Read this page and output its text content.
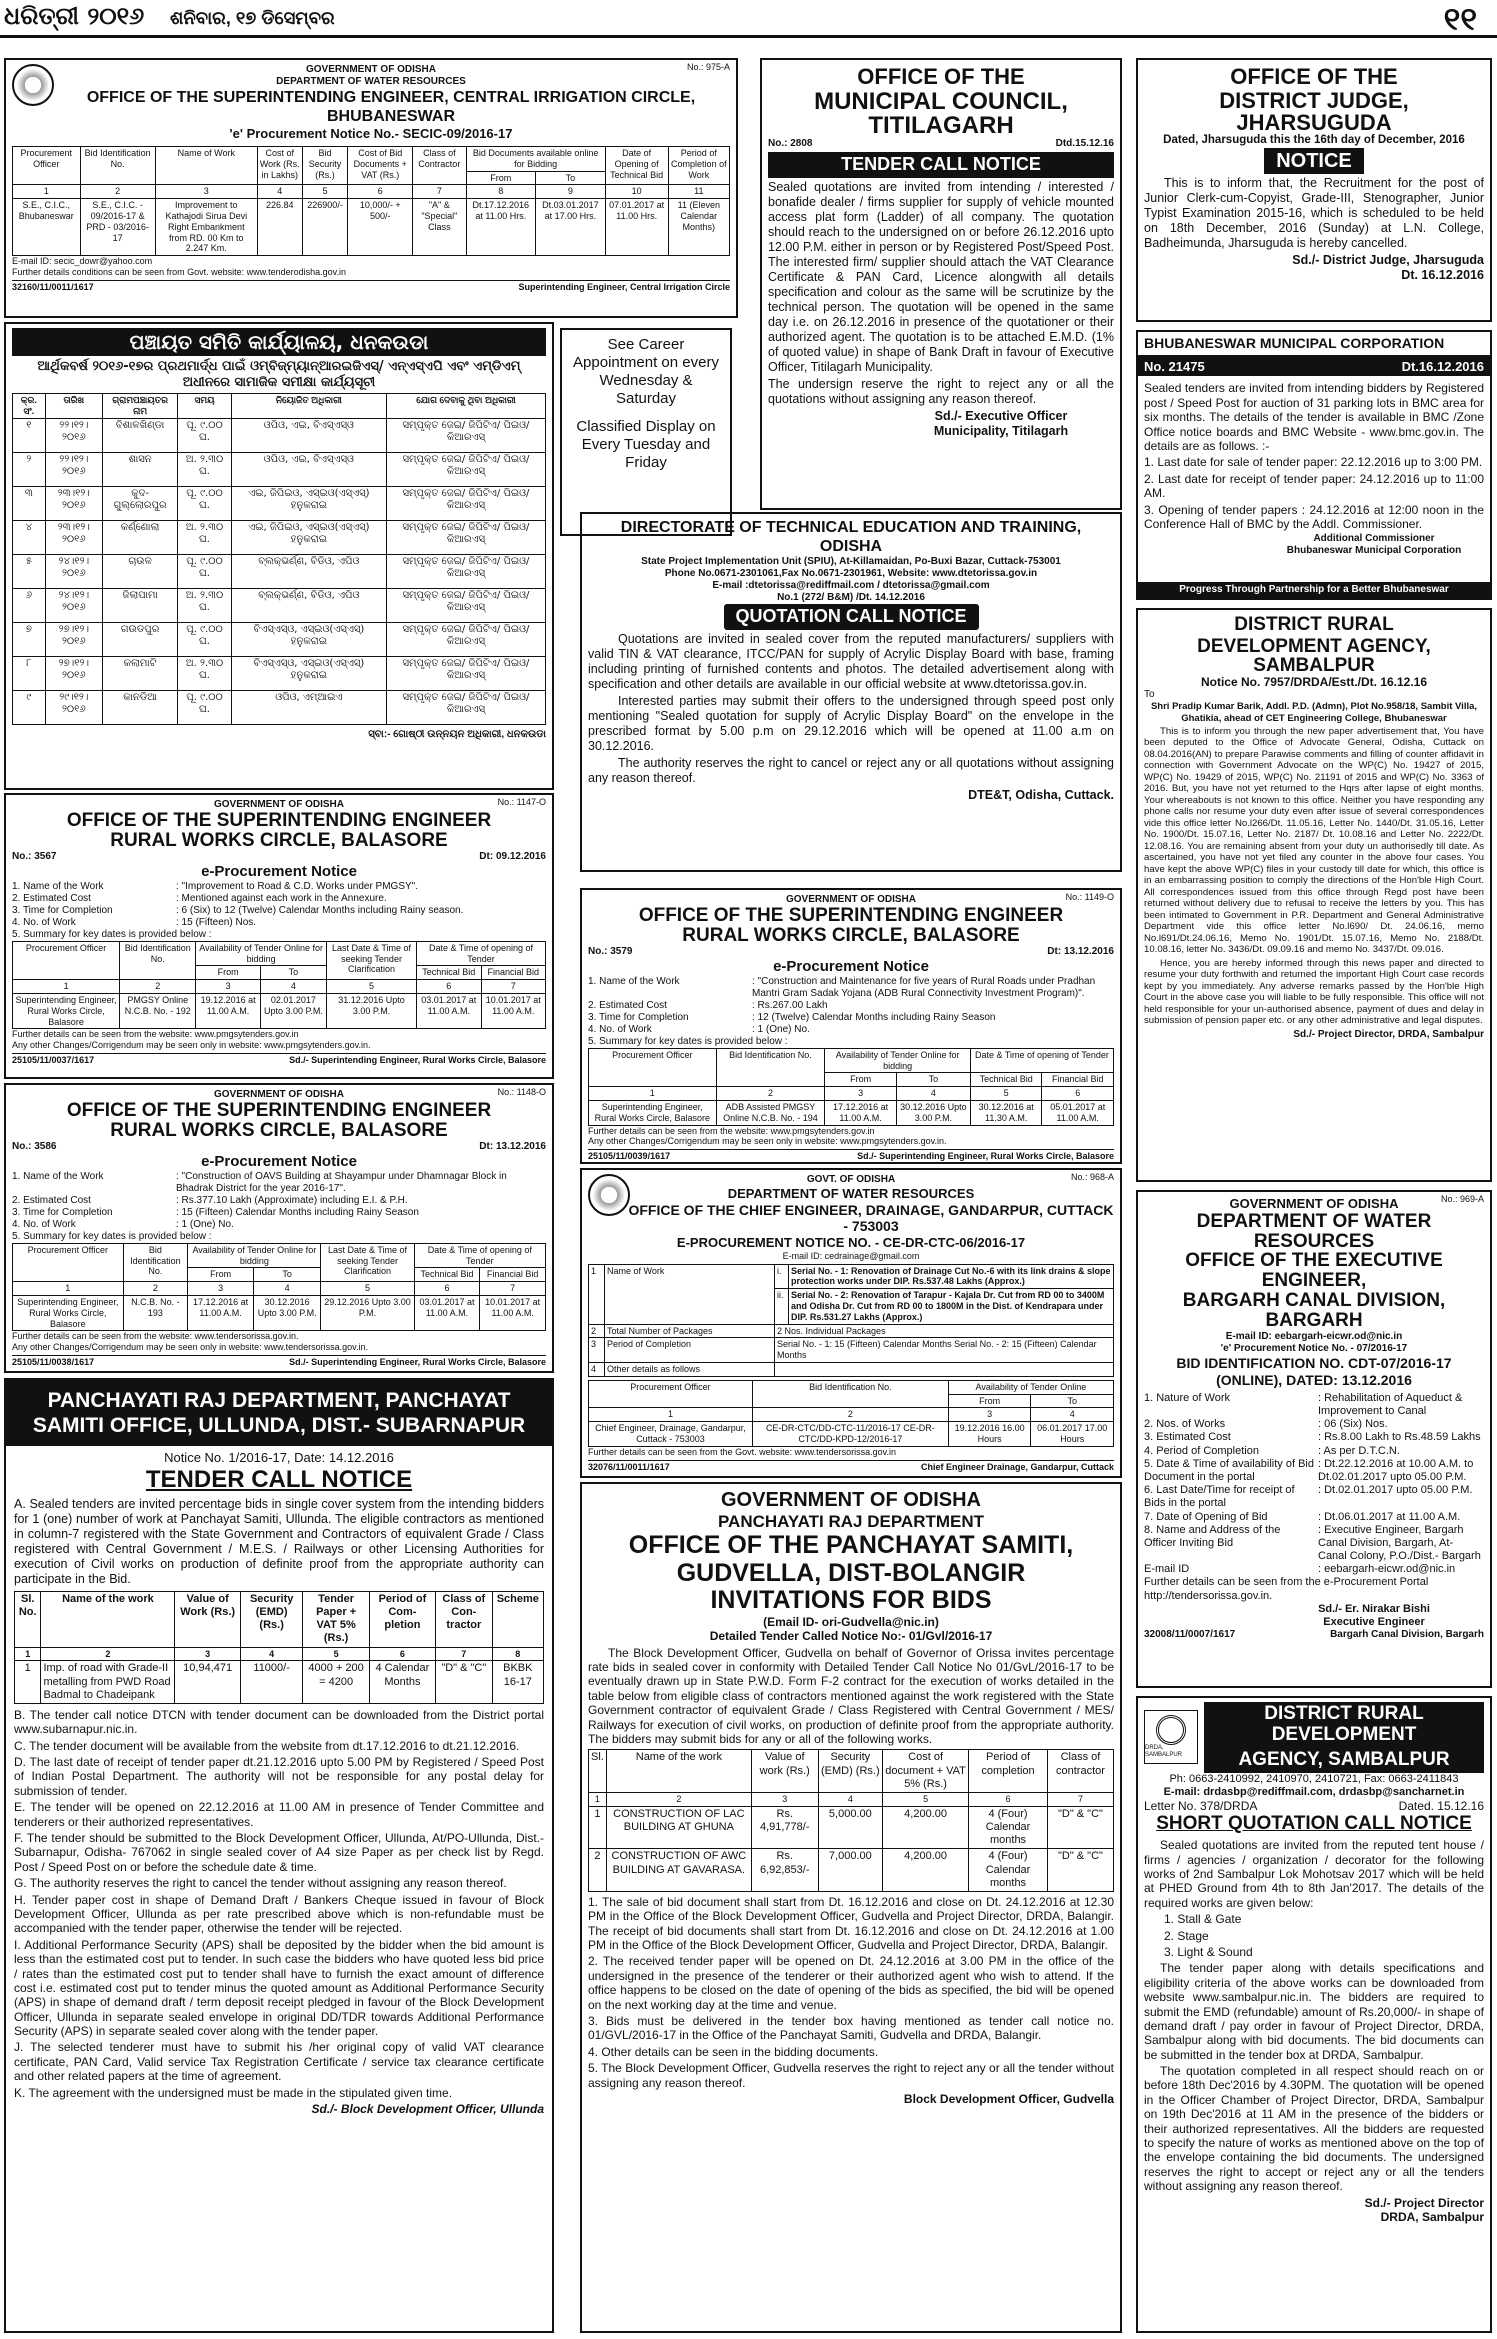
ଧରିତ୍ରୀ ୨୦୧୬ ଶନିବାର, ୧୭ ଡିସେମ୍ବର	୧୧
No.: 975-A
GOVERNMENT OF ODISHA
DEPARTMENT OF WATER RESOURCES
OFFICE OF THE SUPERINTENDING ENGINEER, CENTRAL IRRIGATION CIRCLE, BHUBANESWAR
'e' Procurement Notice No.- SECIC-09/2016-17
Procurement Officer	Bid Identification No.	Name of Work	Cost of Work (Rs. in Lakhs)	Bid Security (Rs.)	Cost of Bid Documents + VAT (Rs.)	Class of Contractor	Bid Documents available online for Bidding		Date of Opening of Technical Bid	Period of Completion of Work
							From	To		
1	2	3	4	5	6	7	8	9	10	11
S.E., C.I.C., Bhubaneswar	S.E., C.I.C. - 09/2016-17 & PRD - 03/2016-17	Improvement to Kathajodi Sirua Devi Right Embankment from RD. 00 Km to 2.247 Km.	226.84	226900/-	10,000/- + 500/-	"A" & "Special" Class	Dt.17.12.2016 at 11.00 Hrs.	Dt.03.01.2017 at 17.00 Hrs.	07.01.2017 at 11.00 Hrs.	11 (Eleven Calendar Months)
E-mail ID: secic_dowr@yahoo.com
Further details conditions can be seen from Govt. website: www.tenderodisha.gov.in
32160/11/0011/1617	Superintending Engineer, Central Irrigation Circle
ପଞ୍ଚାୟତ ସମିତି କାର୍ଯ୍ୟାଳୟ, ଧନକଉଡା
ଆର୍ଥିକବର୍ଷ ୨୦୧୬-୧୭ର ପ୍ରଥମାର୍ଦ୍ଧ ପାଇଁ ଓମ୍ବିଜ୍‌ମ୍ୟାନ୍‌ଆରଇଜିଏସ୍/ ଏନ୍‌ଏସ୍‌ଏପି ଏବଂ ଏମ୍‌ଡିଏମ୍‌ ଅଧୀନରେ ସାମାଜିକ ସମୀକ୍ଷା କାର୍ଯ୍ୟସୂଚୀ
କ୍ର. ସଂ.	ତାରିଖ	ଗ୍ରାମପଞ୍ଚାୟତର ନାମ	ସମୟ	ନିୟୋଜିତ ଅଧିକାରୀ	ଯୋଗ ଦେବାକୁ ଥିବା ଅଧିକାରୀ
୧	୨୨।୧୨।୨୦୧୬	ବିଶାଳଖିଣ୍ଡା	ପୂ. ୯.୦୦ ଘ.	ଓପିଓ, ଏଇ, ବିଏସ୍‌ଏସ୍‌ଓ	ସମ୍ପୃକ୍ତ ଜେଇ/ ଜିପିଟିଏ/ ପିଇଓ/ କିଆରଏସ୍
୨	୨୨।୧୨।୨୦୧୬	ଶାସନ	ଅ. ୨.୩୦ ଘ.	ଓପିଓ, ଏଇ, ବିଏସ୍‌ଏସ୍‌ଓ	ସମ୍ପୃକ୍ତ ଜେଇ/ ଜିପିଟିଏ/ ପିଇଓ/ କିଆରଏସ୍
୩	୨୩।୧୨।୨୦୧୬	କୁଦ-ଗୁଲ୍ଲୋରପୁର	ପୂ. ୯.୦୦ ଘ.	ଏଇ, ଜିପିଇଓ, ଏସ୍‌ଇଓ(ଏସ୍‌ଏସ୍‌) ହନୁକରାଇ	ସମ୍ପୃକ୍ତ ଜେଇ/ ଜିପିଟିଏ/ ପିଇଓ/ କିଆରଏସ୍
୪	୨୩।୧୨।୨୦୧୬	କର୍ଣ୍ଣୋଲା	ଅ. ୨.୩୦ ଘ.	ଏଇ, ଜିପିଇଓ, ଏସ୍‌ଇଓ(ଏସ୍‌ଏସ୍‌) ହନୁକରାଇ	ସମ୍ପୃକ୍ତ ଜେଇ/ ଜିପିଟିଏ/ ପିଇଓ/ କିଆରଏସ୍
୫	୨୪।୧୨।୨୦୧୬	ଚାଉଳ	ପୂ. ୯.୦୦ ଘ.	ବ୍ଲକ୍‌ଭର୍ଣ୍ଣ, ବିଡିଓ, ଏପିଓ	ସମ୍ପୃକ୍ତ ଜେଇ/ ଜିପିଟିଏ/ ପିଇଓ/ କିଆରଏସ୍
୬	୨୪।୧୨।୨୦୧୬	ଜିଲାପାମା	ଅ. ୨.୩୦ ଘ.	ବ୍ଲକ୍‌ଭର୍ଣ୍ଣ, ବିଡିଓ, ଏପିଓ	ସମ୍ପୃକ୍ତ ଜେଇ/ ଜିପିଟିଏ/ ପିଇଓ/ କିଆରଏସ୍
୭	୨୭।୧୨।୨୦୧୬	ଗଉଡପୁର	ପୂ. ୯.୦୦ ଘ.	ବିଏସ୍‌ଏସ୍‌ଓ, ଏସ୍‌ଇଓ(ଏସ୍‌ଏସ୍‌) ହନୁକରାଇ	ସମ୍ପୃକ୍ତ ଜେଇ/ ଜିପିଟିଏ/ ପିଇଓ/ କିଆରଏସ୍
୮	୨୭।୧୨।୨୦୧୬	କଲାମାଟି	ଅ. ୨.୩୦ ଘ.	ବିଏସ୍‌ଏସ୍‌ଓ, ଏସ୍‌ଇଓ(ଏସ୍‌ଏସ୍‌) ହନୁକରାଇ	ସମ୍ପୃକ୍ତ ଜେଇ/ ଜିପିଟିଏ/ ପିଇଓ/ କିଆରଏସ୍
୯	୨୯।୧୨।୨୦୧୬	କାନଡିଆ	ପୂ. ୯.୦୦ ଘ.	ଓପିଓ, ଏମ୍‌ଆଇଏ	ସମ୍ପୃକ୍ତ ଜେଇ/ ଜିପିଟିଏ/ ପିଇଓ/ କିଆରଏସ୍
ସ୍ବା:- ଗୋଷ୍ଠୀ ଉନ୍ନୟନ ଅଧିକାରୀ, ଧନକଉଡା
See Career Appointment on every Wednesday & Saturday
Classified Display on Every Tuesday and Friday
No.: 1147-O
GOVERNMENT OF ODISHA
OFFICE OF THE SUPERINTENDING ENGINEER
RURAL WORKS CIRCLE, BALASORE
No.: 3567	Dt: 09.12.2016
e-Procurement Notice
1. Name of the Work	: "Improvement to Road & C.D. Works under PMGSY".
2. Estimated Cost	: Mentioned against each work in the Annexure.
3. Time for Completion	: 6 (Six) to 12 (Twelve) Calendar Months including Rainy season.
4. No. of Work	: 15 (Fifteen) Nos.
5. Summary for key dates is provided below :
Procurement Officer	Bid Identification No.	Availability of Tender Online for bidding		Last Date & Time of seeking Tender Clarification	Date & Time of opening of Tender	
		From	To		Technical Bid	Financial Bid
1	2	3	4	5	6	7
Superintending Engineer, Rural Works Circle, Balasore	PMGSY Online N.C.B. No. - 192	19.12.2016 at 11.00 A.M.	02.01.2017 Upto 3.00 P.M.	31.12.2016 Upto 3.00 P.M.	03.01.2017 at 11.00 A.M.	10.01.2017 at 11.00 A.M.
Further details can be seen from the website: www.pmgsytenders.gov.in
Any other Changes/Corrigendum may be seen only in website: www.pmgsytenders.gov.in.
25105/11/0037/1617	Sd./- Superintending Engineer, Rural Works Circle, Balasore
No.: 1148-O
GOVERNMENT OF ODISHA
OFFICE OF THE SUPERINTENDING ENGINEER
RURAL WORKS CIRCLE, BALASORE
No.: 3586	Dt: 13.12.2016
e-Procurement Notice
1. Name of the Work	: "Construction of OAVS Building at Shayampur under Dhamnagar Block in Bhadrak District for the year 2016-17".
2. Estimated Cost	: Rs.377.10 Lakh (Approximate) including E.I. & P.H.
3. Time for Completion	: 15 (Fifteen) Calendar Months including Rainy Season
4. No. of Work	: 1 (One) No.
5. Summary for key dates is provided below :
Procurement Officer	Bid Identification No.	Availability of Tender Online for bidding		Last Date & Time of seeking Tender Clarification	Date & Time of opening of Tender	
		From	To		Technical Bid	Financial Bid
1	2	3	4	5	6	7
Superintending Engineer, Rural Works Circle, Balasore	N.C.B. No. - 193	17.12.2016 at 11.00 A.M.	30.12.2016 Upto 3.00 P.M.	29.12.2016 Upto 3.00 P.M.	03.01.2017 at 11.00 A.M.	10.01.2017 at 11.00 A.M.
Further details can be seen from the website: www.tendersorissa.gov.in.
Any other Changes/Corrigendum may be seen only in website: www.tendersorissa.gov.in.
25105/11/0038/1617	Sd./- Superintending Engineer, Rural Works Circle, Balasore
PANCHAYATI RAJ DEPARTMENT, PANCHAYAT
SAMITI OFFICE, ULLUNDA, DIST.- SUBARNAPUR
Notice No. 1/2016-17, Date: 14.12.2016
TENDER CALL NOTICE

A. Sealed tenders are invited percentage bids in single cover system from the intending bidders for 1 (one) number of work at Panchayat Samiti, Ullunda. The eligible contractors as mentioned in column-7 registered with the State Government and Contractors of equivalent Grade / Class registered with Central Government / M.E.S. / Railways or other Licensing Authorities for execution of Civil works on production of definite proof from the appropriate authority can participate in the Bid.

Sl. No.	Name of the work	Value of Work (Rs.)	Security (EMD) (Rs.)	Tender Paper + VAT 5% (Rs.)	Period of Com- pletion	Class of Con- tractor	Scheme
1	2	3	4	5	6	7	8
1	Imp. of road with Grade-II metalling from PWD Road Badmal to Chadeipank	10,94,471	11000/-	4000 + 200 = 4200	4 Calendar Months	"D" & "C"	BKBK 16-17

B. The tender call notice DTCN with tender document can be downloaded from the District portal www.subarnapur.nic.in.

C. The tender document will be available from the website from dt.17.12.2016 to dt.21.12.2016.

D. The last date of receipt of tender paper dt.21.12.2016 upto 5.00 PM by Registered / Speed Post of Indian Postal Department. The authority will not be responsible for any postal delay for submission of tender.

E. The tender will be opened on 22.12.2016 at 11.00 AM in presence of Tender Committee and tenderers or their authorized representatives.

F. The tender should be submitted to the Block Development Officer, Ullunda, At/PO-Ullunda, Dist.- Subarnapur, Odisha- 767062 in single sealed cover of A4 size Paper as per check list by Regd. Post / Speed Post on or before the schedule date & time.

G. The authority reserves the right to cancel the tender without assigning any reason thereof.

H. Tender paper cost in shape of Demand Draft / Bankers Cheque issued in favour of Block Development Officer, Ullunda as per rate prescribed above which is non-refundable must be accompanied with the tender paper, otherwise the tender will be rejected.

I. Additional Performance Security (APS) shall be deposited by the bidder when the bid amount is less than the estimated cost put to tender. In such case the bidders who have quoted less bid price / rates than the estimated cost put to tender shall have to furnish the exact amount of difference cost i.e. estimated cost put to tender minus the quoted amount as Additional Performance Security (APS) in shape of demand draft / term deposit receipt pledged in favour of the Block Development Officer, Ullunda in separate sealed envelope in original DD/TDR towards Additional Performance Security (APS) in separate sealed cover along with the tender paper.

J. The selected tenderer must have to submit his /her original copy of valid VAT clearance certificate, PAN Card, Valid service Tax Registration Certificate / service tax clearance certificate and other related papers at the time of agreement.

K. The agreement with the undersigned must be made in the stipulated given time.

Sd./- Block Development Officer, Ullunda
OFFICE OF THE
MUNICIPAL COUNCIL, TITILAGARH
No.: 2808	Dtd.15.12.16
TENDER CALL NOTICE

Sealed quotations are invited from intending / interested / bonafide dealer / firms supplier for supply of vehicle mounted access plat form (Ladder) of all company. The quotation should reach to the undersigned on or before 26.12.2016 upto 12.00 P.M. either in person or by Registered Post/Speed Post. The interested firm/ supplier should attach the VAT Clearance Certificate & PAN Card, Licence alongwith all details specification and colour as the same will be scrutinize by the technical person. The quotation will be opened in the same day i.e. on 26.12.2016 in presence of the quotationer or their authorized agent. The quotation is to be attached E.M.D. (1% of quoted value) in shape of Bank Draft in favour of Executive Officer, Titilagarh Municipality.

The undersign reserve the right to reject any or all the quotations without assigning any reason thereof.

Sd./- Executive Officer
Municipality, Titilagarh
DIRECTORATE OF TECHNICAL EDUCATION AND TRAINING, ODISHA
State Project Implementation Unit (SPIU), At-Killamaidan, Po-Buxi Bazar, Cuttack-753001
Phone No.0671-2301061,Fax No.0671-2301961, Website: www.dtetorissa.gov.in
E-mail :dtetorissa@rediffmail.com / dtetorissa@gmail.com
No.1 (272/ B&M) /Dt. 14.12.2016
QUOTATION CALL NOTICE

Quotations are invited in sealed cover from the reputed manufacturers/ suppliers with valid TIN & VAT clearance, ITCC/PAN for supply of Acrylic Display Board with base, framing including printing of furnished contents and photos. The detailed advertisement along with specification and other details are available in our official website at www.dtetorissa.gov.in.

Interested parties may submit their offers to the undersigned through speed post only mentioning "Sealed quotation for supply of Acrylic Display Board" on the envelope in the prescribed format by 5.00 p.m on 29.12.2016 which will be opened at 11.00 a.m on 30.12.2016.

The authority reserves the right to cancel or reject any or all quotations without assigning any reason thereof.

DTE&T, Odisha, Cuttack.
No.: 1149-O
GOVERNMENT OF ODISHA
OFFICE OF THE SUPERINTENDING ENGINEER
RURAL WORKS CIRCLE, BALASORE
No.: 3579	Dt: 13.12.2016
e-Procurement Notice
1. Name of the Work	: "Construction and Maintenance for five years of Rural Roads under Pradhan Mantri Gram Sadak Yojana (ADB Rural Connectivity Investment Program)".
2. Estimated Cost	: Rs.267.00 Lakh
3. Time for Completion	: 12 (Twelve) Calendar Months including Rainy Season
4. No. of Work	: 1 (One) No.
5. Summary for key dates is provided below :
Procurement Officer	Bid Identification No.	Availability of Tender Online for bidding		Date & Time of opening of Tender	
		From	To	Technical Bid	Financial Bid
1	2	3	4	5	6
Superintending Engineer, Rural Works Circle, Balasore	ADB Assisted PMGSY Online N.C.B. No. - 194	17.12.2016 at 11.00 A.M.	30.12.2016 Upto 3.00 P.M.	30.12.2016 at 11.30 A.M.	05.01.2017 at 11.00 A.M.
Further details can be seen from the website: www.pmgsytenders.gov.in
Any other Changes/Corrigendum may be seen only in website: www.pmgsytenders.gov.in.
25105/11/0039/1617	Sd./- Superintending Engineer, Rural Works Circle, Balasore
No.: 968-A
GOVT. OF ODISHA
DEPARTMENT OF WATER RESOURCES
OFFICE OF THE CHIEF ENGINEER, DRAINAGE, GANDARPUR, CUTTACK - 753003
E-PROCUREMENT NOTICE NO. - CE-DR-CTC-06/2016-17
E-mail ID: cedrainage@gmail.com
1	Name of Work	i.	Serial No. - 1: Renovation of Drainage Cut No.-6 with its link drains & slope protection works under DIP. Rs.537.48 Lakhs (Approx.)
		ii.	Serial No. - 2: Renovation of Tarapur - Kajala Dr. Cut from RD 00 to 3400M and Odisha Dr. Cut from RD 00 to 1800M in the Dist. of Kendrapara under DIP. Rs.531.27 Lakhs (Approx.)
2	Total Number of Packages	2 Nos. Individual Packages	
3	Period of Completion	Serial No. - 1: 15 (Fifteen) Calendar Months Serial No. - 2: 15 (Fifteen) Calendar Months	
4	Other details as follows		
Procurement Officer	Bid Identification No.	Availability of Tender Online	
		From	To
1	2	3	4
Chief Engineer, Drainage, Gandarpur, Cuttack - 753003	CE-DR-CTC/DD-CTC-11/2016-17 CE-DR-CTC/DD-KPD-12/2016-17	19.12.2016 16.00 Hours	06.01.2017 17.00 Hours
Further details can be seen from the Govt. website: www.tendersorissa.gov.in
32076/11/0011/1617	Chief Engineer Drainage, Gandarpur, Cuttack
GOVERNMENT OF ODISHA
PANCHAYATI RAJ DEPARTMENT
OFFICE OF THE PANCHAYAT SAMITI,
GUDVELLA, DIST-BOLANGIR
INVITATIONS FOR BIDS
(Email ID- ori-Gudvella@nic.in)
Detailed Tender Called Notice No:- 01/Gvl/2016-17

The Block Development Officer, Gudvella on behalf of Governor of Orissa invites percentage rate bids in sealed cover in conformity with Detailed Tender Call Notice No 01/GvL/2016-17 to be eventually drawn up in State P.W.D. Form F-2 contract for the execution of works detailed in the table below from eligible class of contractors mentioned against the work registered with the State Government contractor of equivalent Grade / Class Registered with Central Government / MES/ Railways for execution of civil works, on production of definite proof from the appropriate authority. The bidders may submit bids for any or all of the following works.

Sl.	Name of the work	Value of work (Rs.)	Security (EMD) (Rs.)	Cost of document + VAT 5% (Rs.)	Period of completion	Class of contractor
1	2	3	4	5	6	7
1	CONSTRUCTION OF LAC BUILDING AT GHUNA	Rs. 4,91,778/-	5,000.00	4,200.00	4 (Four) Calendar months	"D" & "C"
2	CONSTRUCTION OF AWC BUILDING AT GAVARASA.	Rs. 6,92,853/-	7,000.00	4,200.00	4 (Four) Calendar months	"D" & "C"

1. The sale of bid document shall start from Dt. 16.12.2016 and close on Dt. 24.12.2016 at 12.30 PM in the Office of the Block Development Officer, Gudvella and Project Director, DRDA, Balangir. The receipt of bid documents shall start from Dt. 16.12.2016 and close on Dt. 24.12.2016 at 1.00 PM in the Office of the Block Development Officer, Gudvella and Project Director, DRDA, Balangir.

2. The received tender paper will be opened on Dt. 24.12.2016 at 3.00 PM in the office of the undersigned in the presence of the tenderer or their authorized agent who wish to attend. If the office happens to be closed on the date of opening of the bids as specified, the bid will be opened on the next working day at the time and venue.

3. Bids must be delivered in the tender box having mentioned as tender call notice no. 01/GVL/2016-17 in the Office of the Panchayat Samiti, Gudvella and DRDA, Balangir.

4. Other details can be seen in the bidding documents.

5. The Block Development Officer, Gudvella reserves the right to reject any or all the tender without assigning any reason thereof.

Block Development Officer, Gudvella
OFFICE OF THE
DISTRICT JUDGE, JHARSUGUDA
Dated, Jharsuguda this the 16th day of December, 2016
NOTICE

This is to inform that, the Recruitment for the post of Junior Clerk-cum-Copyist, Grade-III, Stenographer, Junior Typist Examination 2015-16, which is scheduled to be held on 18th December, 2016 (Sunday) at L.N. College, Badheimunda, Jharsuguda is hereby cancelled.

Sd./- District Judge, Jharsuguda
Dt. 16.12.2016
BHUBANESWAR MUNICIPAL CORPORATION
No. 21475	Dt.16.12.2016

Sealed tenders are invited from intending bidders by Registered post / Speed Post for auction of 31 parking lots in BMC area for six months. The details of the tender is available in BMC /Zone Office notice boards and BMC Website - www.bmc.gov.in. The details are as follows. :-

1. Last date for sale of tender paper: 22.12.2016 up to 3:00 PM.

2. Last date for receipt of tender paper: 24.12.2016 up to 11:00 AM.

3. Opening of tender papers : 24.12.2016 at 12:00 noon in the Conference Hall of BMC by the Addl. Commissioner.

Additional Commissioner
Bhubaneswar Municipal Corporation
Progress Through Partnership for a Better Bhubaneswar
DISTRICT RURAL
DEVELOPMENT AGENCY, SAMBALPUR
Notice No. 7957/DRDA/Estt./Dt. 16.12.16
To
Shri Pradip Kumar Barik, Addl. P.D. (Admn), Plot No.958/18, Sambit Villa, Ghatikia, ahead of CET Engineering College, Bhubaneswar

This is to inform you through the new paper advertisement that, You have been deputed to the Office of Advocate General, Odisha, Cuttack on 08.04.2016(AN) to prepare Parawise comments and filling of counter affidavit in connection with Government Advocate on the WP(C) No. 19427 of 2015, WP(C) No. 19429 of 2015, WP(C) No. 21191 of 2015 and WP(C) No. 3363 of 2016. But, you have not yet returned to the Hqrs after lapse of eight months. Your whereabouts is not known to this office. Neither you have responding any phone calls nor resume your duty even after issue of several correspondences vide this office letter No.l266/Dt. 11.05.16, Letter No. 1440/Dt. 31.05.16, Letter No. 1900/Dt. 15.07.16, Letter No. 2187/ Dt. 10.08.16 and Letter No. 2222/Dt. 12.08.16. You are remaining absent from your duty un authorisedly till date. As ascertained, you have not yet filed any counter in the above four cases. You have kept the above WP(C) files in your custody till date for which, this office is in an embarrassing position to comply the directions of the Hon'ble High Court. All correspondences issued from this office through Regd post have been returned without delivery due to refusal to receive the letters by you. This has been intimated to Government in P.R. Department and General Administrative Department vide this office letter No.l690/ Dt. 24.06.16, memo No.l691/Dt.24.06.16, Memo No. 1901/Dt. 15.07.16, Memo No. 2188/Dt. 10.08.16, letter No. 3436/Dt. 09.09.16 and memo No. 3437/Dt. 09.016.

Hence, you are hereby informed through this news paper and directed to resume your duty forthwith and returned the important High Court case records kept by you immediately. Any adverse remarks passed by the Hon'ble High Court in the above case you will liable to be fully responsible. This office will not held responsible for your un-authorised absence, payment of dues and delay in submission of pension paper etc. or any other administrative and legal disputes.

Sd./- Project Director, DRDA, Sambalpur
No.: 969-A
GOVERNMENT OF ODISHA
DEPARTMENT OF WATER RESOURCES
OFFICE OF THE EXECUTIVE ENGINEER,
BARGARH CANAL DIVISION, BARGARH
E-mail ID: eebargarh-eicwr.od@nic.in
'e' Procurement Notice No. - 07/2016-17
BID IDENTIFICATION NO. CDT-07/2016-17
(ONLINE), DATED: 13.12.2016
1. Nature of Work	: Rehabilitation of Aqueduct & Improvement to Canal
2. Nos. of Works	: 06 (Six) Nos.
3. Estimated Cost	: Rs.8.00 Lakh to Rs.48.59 Lakhs
4. Period of Completion	: As per D.T.C.N.
5. Date & Time of availability of Bid Document in the portal
: Dt.22.12.2016 at 10.00 A.M. to Dt.02.01.2017 upto 05.00 P.M.
6. Last Date/Time for receipt of Bids in the portal
: Dt.02.01.2017 upto 05.00 P.M.
7. Date of Opening of Bid	: Dt.06.01.2017 at 11.00 A.M.
8. Name and Address of the Officer Inviting Bid
: Executive Engineer, Bargarh Canal Division, Bargarh, At- Canal Colony, P.O./Dist.- Bargarh
E-mail ID	: eebargarh-eicwr.od@nic.in
Further details can be seen from the e-Procurement Portal http://tendersorissa.gov.in.
Sd./- Er. Nirakar Bishi
Executive Engineer
32008/11/0007/1617	Bargarh Canal Division, Bargarh
DRDA, SAMBALPUR
DISTRICT RURAL DEVELOPMENT
AGENCY, SAMBALPUR
Ph: 0663-2410992, 2410970, 2410721, Fax: 0663-2411843
E-mail: drdasbp@rediffmail.com, drdasbp@sancharnet.in
Letter No. 378/DRDA	Dated. 15.12.16
SHORT QUOTATION CALL NOTICE

Sealed quotations are invited from the reputed tent house / firms / agencies / organization / decorator for the following works of 2nd Sambalpur Lok Mohotsav 2017 which will be held at PHED Ground from 4th to 8th Jan'2017. The details of the required works are given below:

1. Stall & Gate

2. Stage

3. Light & Sound

The tender paper along with details specifications and eligibility criteria of the above works can be downloaded from website www.sambalpur.nic.in. The bidders are required to submit the EMD (refundable) amount of Rs.20,000/- in shape of demand draft / pay order in favour of Project Director, DRDA, Sambalpur along with bid documents. The bid documents can be submitted in the tender box at DRDA, Sambalpur.

The quotation completed in all respect should reach on or before 18th Dec'2016 by 4.30PM. The quotation will be opened in the Officer Chamber of Project Director, DRDA, Sambalpur on 19th Dec'2016 at 11 AM in the presence of the bidders or their authorized representatives. All the bidders are requested to specify the nature of works as mentioned above on the top of the envelope containing the bid documents. The undersigned reserves the right to accept or reject any or all the tenders without assigning any reason thereof.

Sd./- Project Director
DRDA, Sambalpur
